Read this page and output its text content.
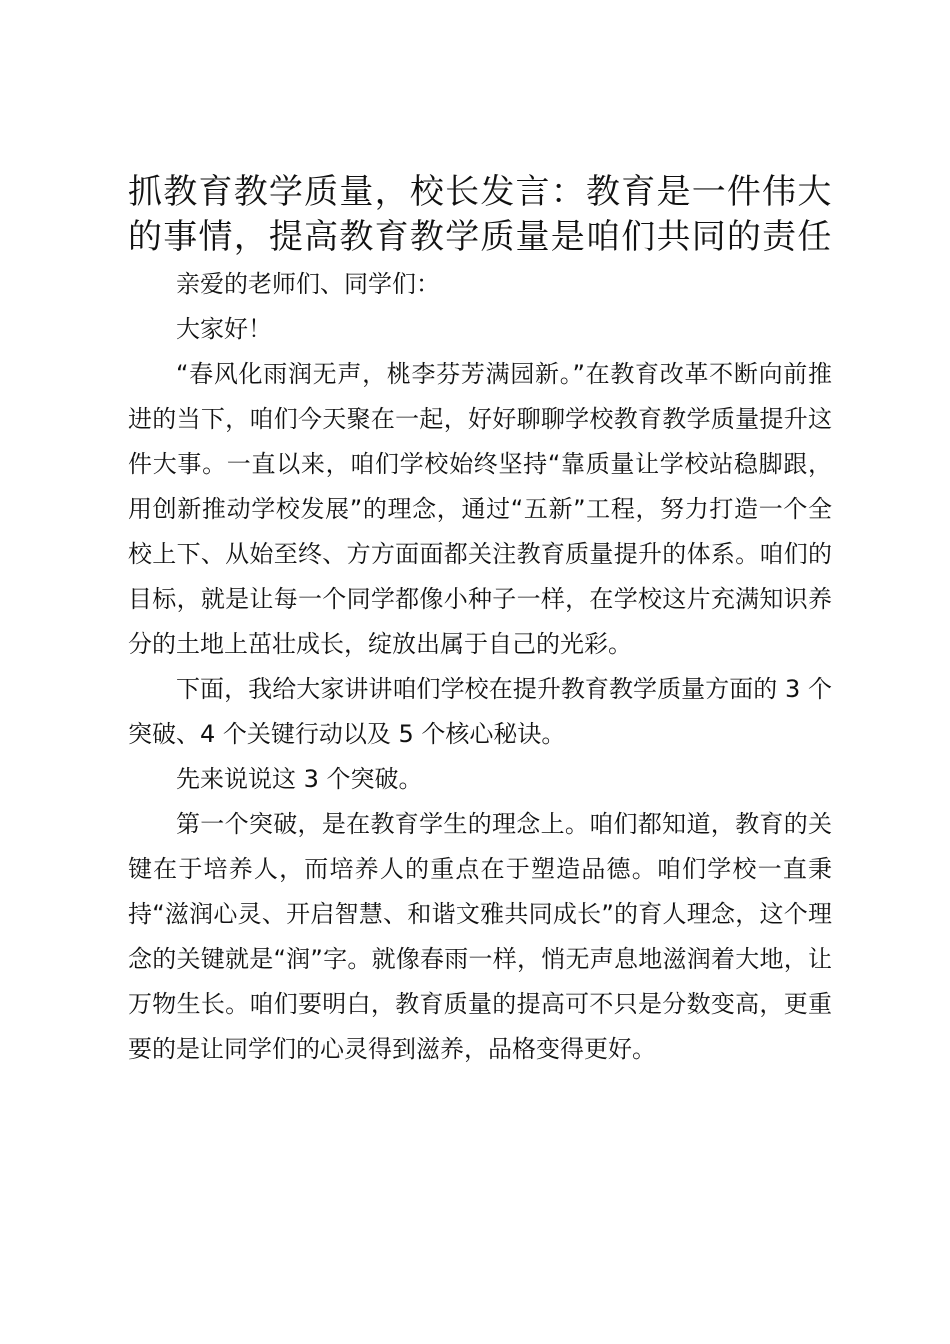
抓教育教学质量，校长发言：教育是一件伟大
的事情，提高教育教学质量是咱们共同的责任

亲爱的老师们、同学们：

大家好！

“春风化雨润无声，桃李芬芳满园新。”在教育改革不断向前推进的当下，咱们今天聚在一起，好好聊聊学校教育教学质量提升这件大事。一直以来，咱们学校始终坚持“靠质量让学校站稳脚跟，用创新推动学校发展”的理念，通过“五新”工程，努力打造一个全校上下、从始至终、方方面面都关注教育质量提升的体系。咱们的目标，就是让每一个同学都像小种子一样，在学校这片充满知识养分的土地上茁壮成长，绽放出属于自己的光彩。

下面，我给大家讲讲咱们学校在提升教育教学质量方面的 3 个突破、4 个关键行动以及 5 个核心秘诀。

先来说说这 3 个突破。

第一个突破，是在教育学生的理念上。咱们都知道，教育的关键在于培养人，而培养人的重点在于塑造品德。咱们学校一直秉持“滋润心灵、开启智慧、和谐文雅共同成长”的育人理念，这个理念的关键就是“润”字。就像春雨一样，悄无声息地滋润着大地，让万物生长。咱们要明白，教育质量的提高可不只是分数变高，更重要的是让同学们的心灵得到滋养，品格变得更好。
